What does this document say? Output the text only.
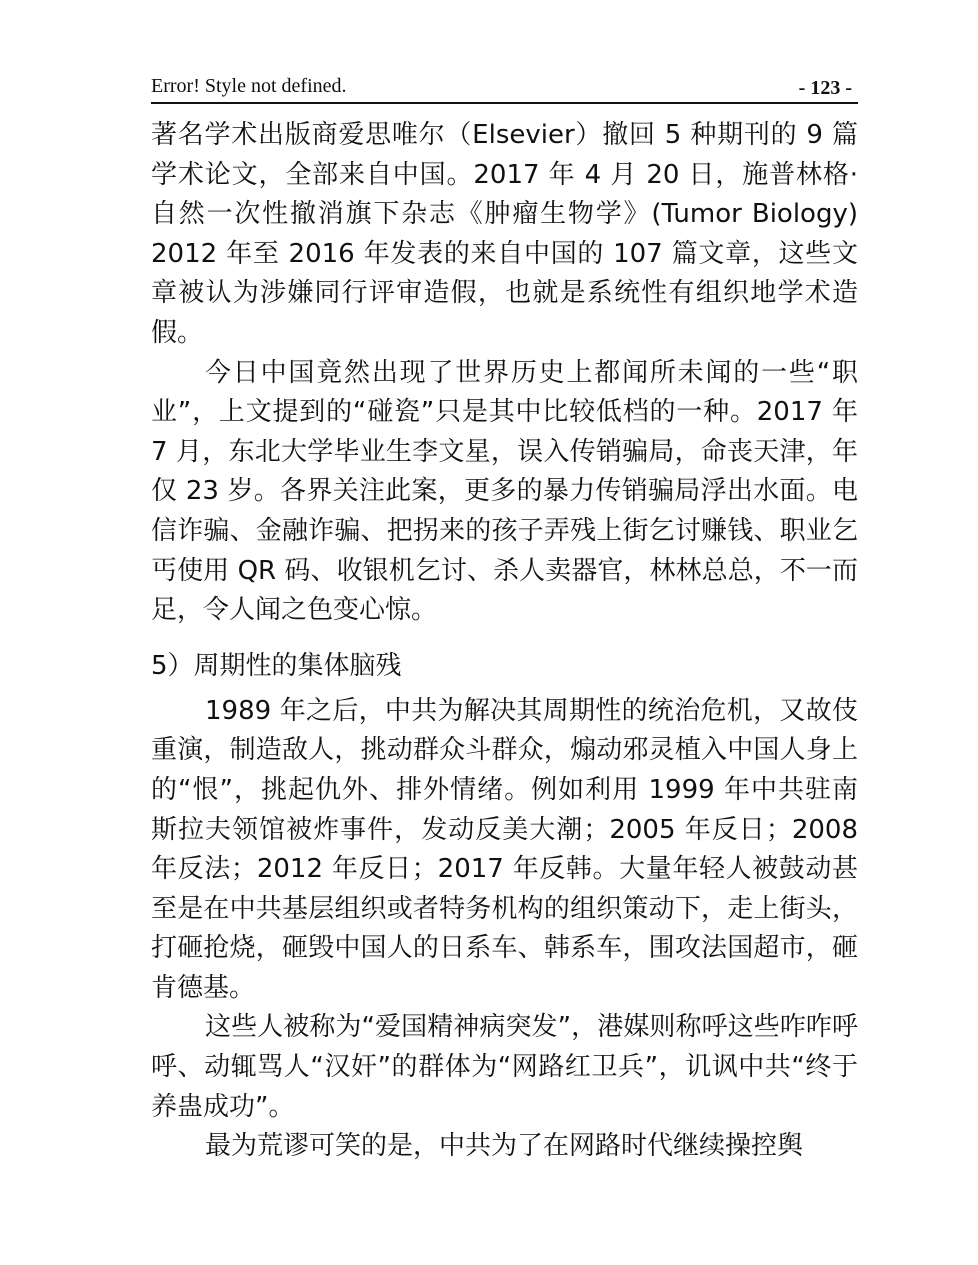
Error! Style not defined.	- 123 -

著名学术出版商爱思唯尔（Elsevier）撤回 5 种期刊的 9 篇学术论文，全部来自中国。2017 年 4 月 20 日，施普林格·自然一次性撤消旗下杂志《肿瘤生物学》(Tumor Biology) 2012 年至 2016 年发表的来自中国的 107 篇文章，这些文章被认为涉嫌同行评审造假，也就是系统性有组织地学术造假。

今日中国竟然出现了世界历史上都闻所未闻的一些“职业”，上文提到的“碰瓷”只是其中比较低档的一种。2017 年 7 月，东北大学毕业生李文星，误入传销骗局，命丧天津，年仅 23 岁。各界关注此案，更多的暴力传销骗局浮出水面。电信诈骗、金融诈骗、把拐来的孩子弄残上街乞讨赚钱、职业乞丐使用 QR 码、收银机乞讨、杀人卖器官，林林总总，不一而足，令人闻之色变心惊。

5）周期性的集体脑残

1989 年之后，中共为解决其周期性的统治危机，又故伎重演，制造敌人，挑动群众斗群众，煽动邪灵植入中国人身上的“恨”，挑起仇外、排外情绪。例如利用 1999 年中共驻南斯拉夫领馆被炸事件，发动反美大潮；2005 年反日；2008 年反法；2012 年反日；2017 年反韩。大量年轻人被鼓动甚至是在中共基层组织或者特务机构的组织策动下，走上街头，打砸抢烧，砸毁中国人的日系车、韩系车，围攻法国超市，砸肯德基。

这些人被称为“爱国精神病突发”，港媒则称呼这些咋咋呼呼、动辄骂人“汉奸”的群体为“网路红卫兵”，讥讽中共“终于养蛊成功”。

最为荒谬可笑的是，中共为了在网路时代继续操控舆
